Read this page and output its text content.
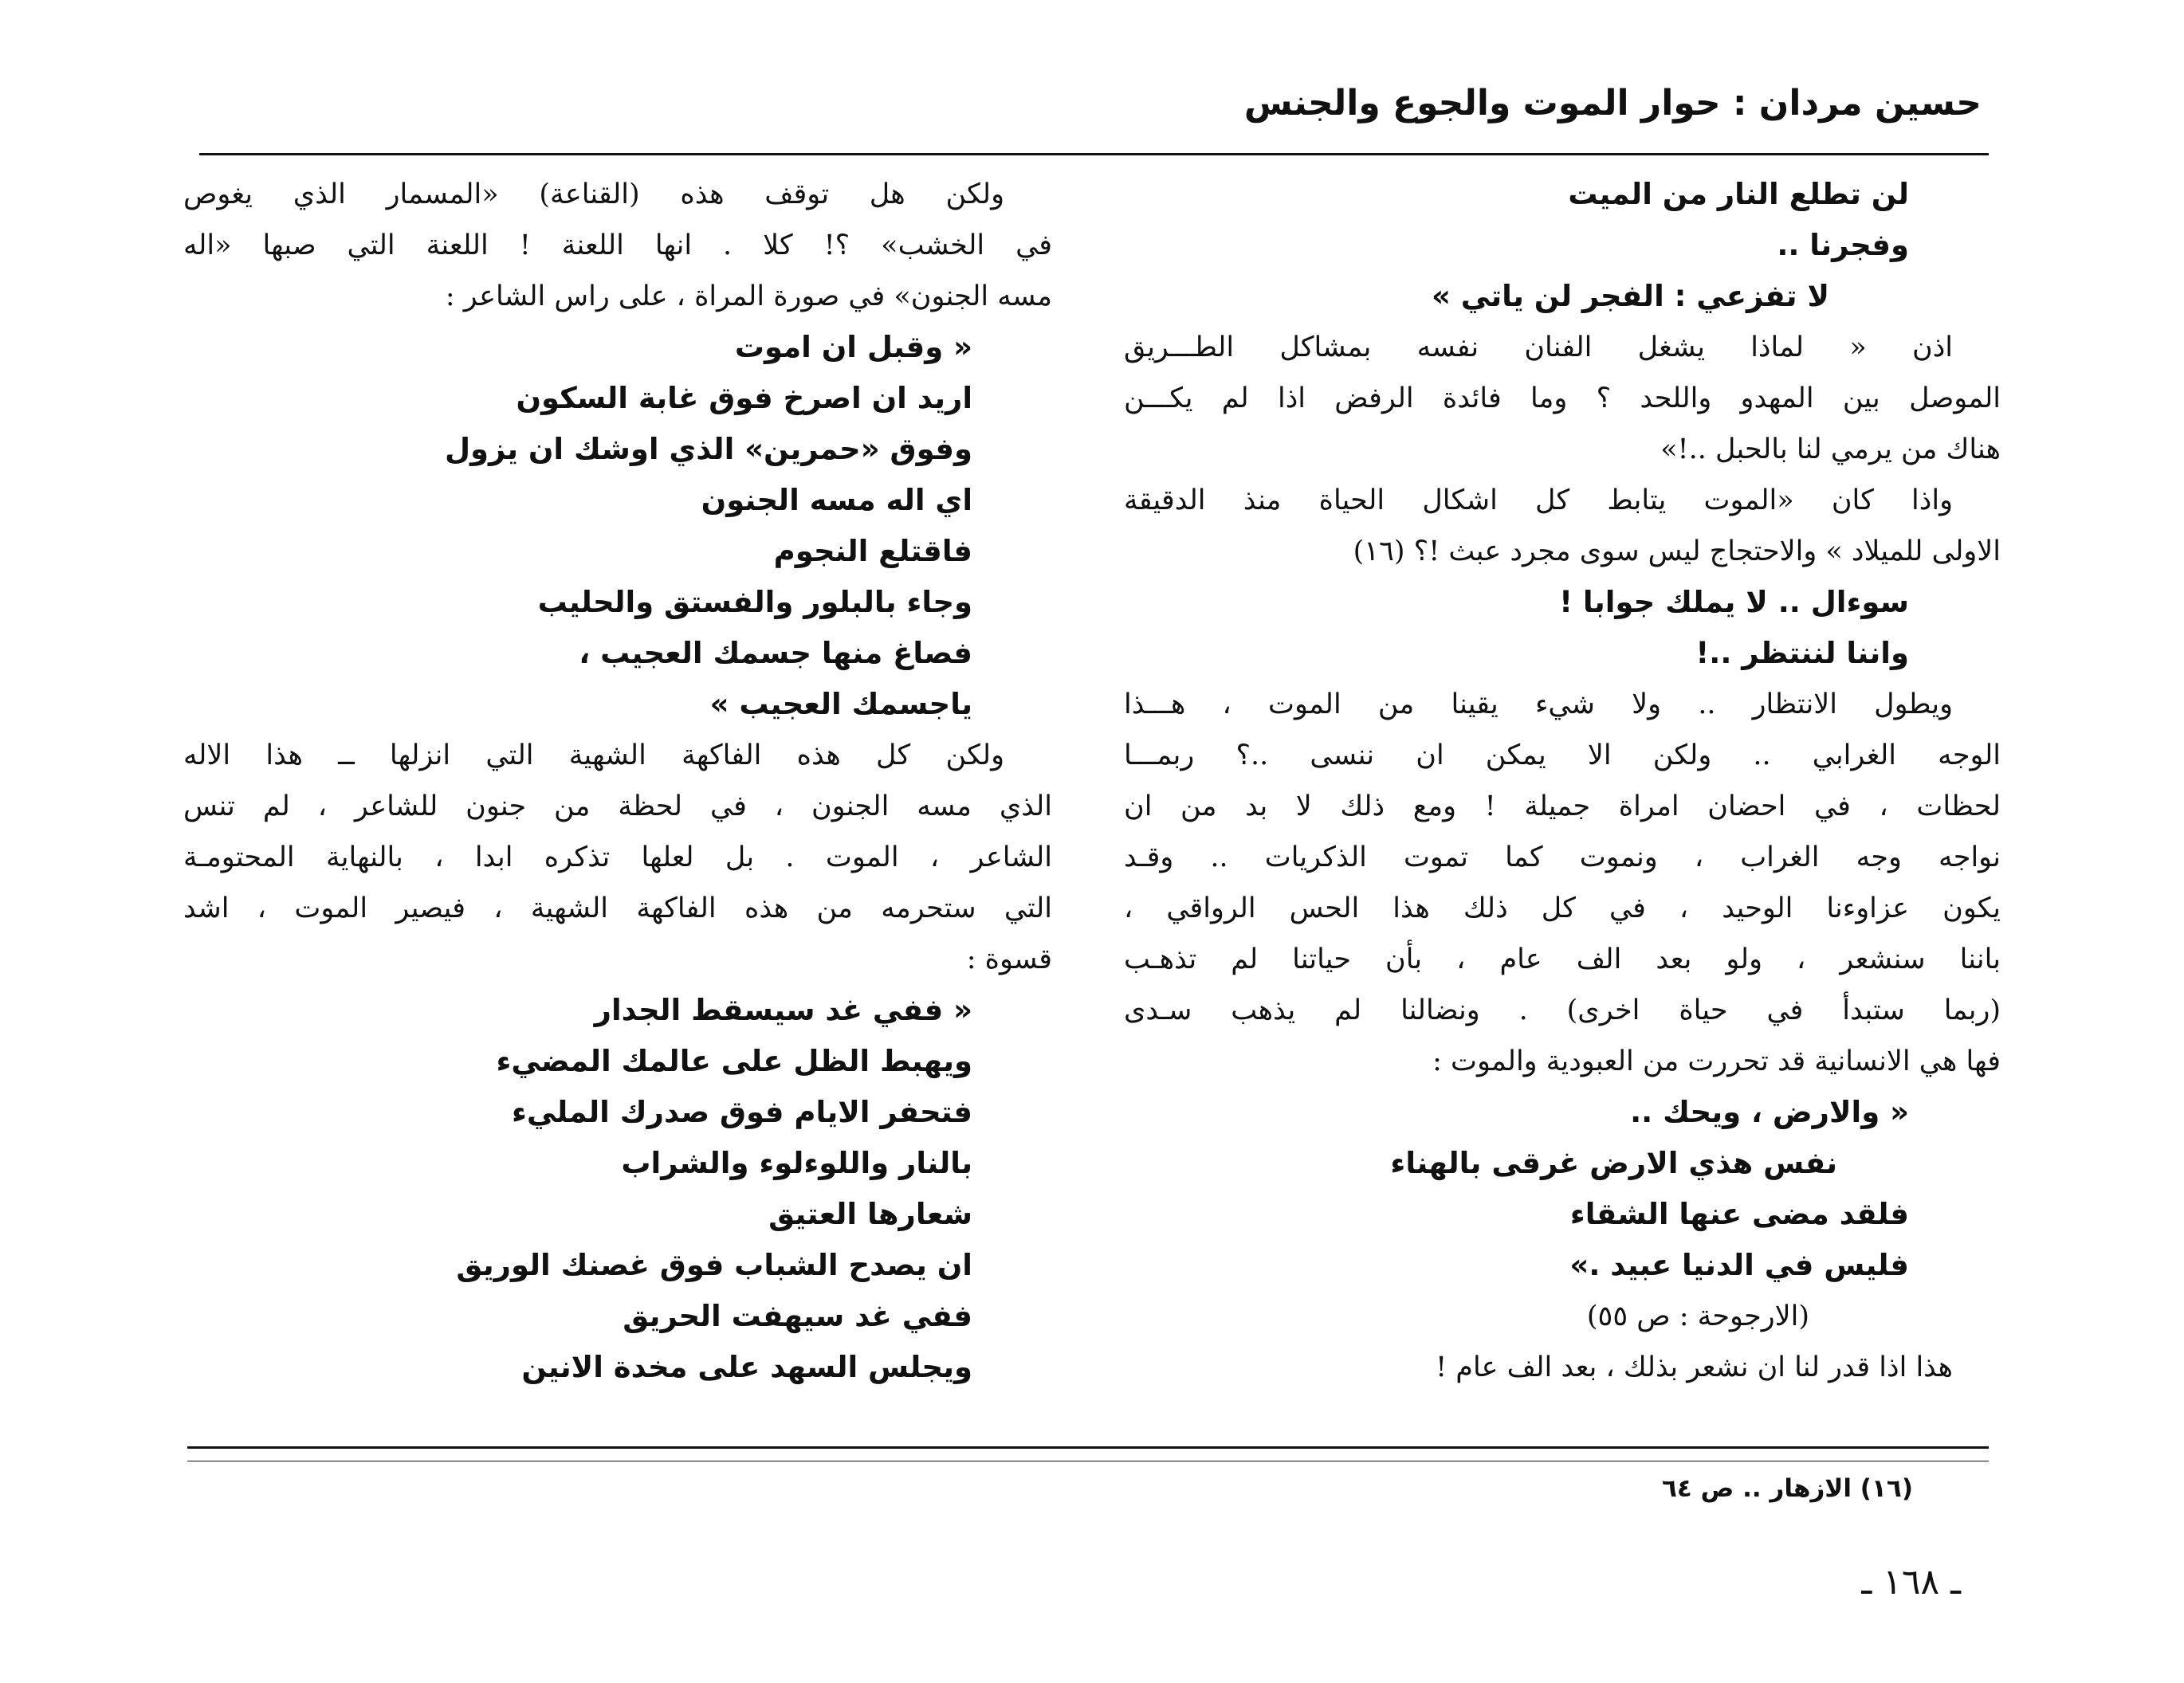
حسين مردان : حوار الموت والجوع والجنس
لن تطلع النار من الميت
وفجرنا ..
لا تفزعي : الفجر لن ياتي »
اذن « لماذا يشغل الفنان نفسه بمشاكل الطـــريق
الموصل بين المهدو واللحد ؟ وما فائدة الرفض اذا لم يكـــن
هناك من يرمي لنا بالحبل ..!»
واذا كان «الموت يتابط كل اشكال الحياة منذ الدقيقة
الاولى للميلاد » والاحتجاج ليس سوى مجرد عبث !؟ (١٦)
سوءال .. لا يملك جوابا !
واننا لننتظر ..!
ويطول الانتظار .. ولا شيء يقينا من الموت ، هـــذا
الوجه الغرابي .. ولكن الا يمكن ان ننسى ..؟ ربمـــا
لحظات ، في احضان امراة جميلة ! ومع ذلك لا بد من ان
نواجه وجه الغراب ، ونموت كما تموت الذكريات .. وقـد
يكون عزاوءنا الوحيد ، في كل ذلك هذا الحس الرواقي ،
باننا سنشعر ، ولو بعد الف عام ، بأن حياتنا لم تذهـب
(ربما ستبدأ في حياة اخرى) . ونضالنا لم يذهب سـدى
فها هي الانسانية قد تحررت من العبودية والموت :
« والارض ، ويحك ..
نفس هذي الارض غرقى بالهناء
فلقد مضى عنها الشقاء
فليس في الدنيا عبيد .»
(الارجوحة : ص ٥٥)
هذا اذا قدر لنا ان نشعر بذلك ، بعد الف عام !
ولكن هل توقف هذه (القناعة) «المسمار الذي يغوص
في الخشب» ؟! كلا . انها اللعنة ! اللعنة التي صبها «اله
مسه الجنون» في صورة المراة ، على راس الشاعر :
« وقبل ان اموت
اريد ان اصرخ فوق غابة السكون
وفوق «حمرين» الذي اوشك ان يزول
اي اله مسه الجنون
فاقتلع النجوم
وجاء بالبلور والفستق والحليب
فصاغ منها جسمك العجيب ،
ياجسمك العجيب »
ولكن كل هذه الفاكهة الشهية التي انزلها ــ هذا الاله
الذي مسه الجنون ، في لحظة من جنون للشاعر ، لم تنس
الشاعر ، الموت . بل لعلها تذكره ابدا ، بالنهاية المحتومـة
التي ستحرمه من هذه الفاكهة الشهية ، فيصير الموت ، اشد
قسوة :
« ففي غد سيسقط الجدار
ويهبط الظل على عالمك المضيء
فتحفر الايام فوق صدرك المليء
بالنار واللوءلوء والشراب
شعارها العتيق
ان يصدح الشباب فوق غصنك الوريق
ففي غد سيهفت الحريق
ويجلس السهد على مخدة الانين
(١٦) الازهار .. ص ٦٤
ـ ١٦٨ ـ
